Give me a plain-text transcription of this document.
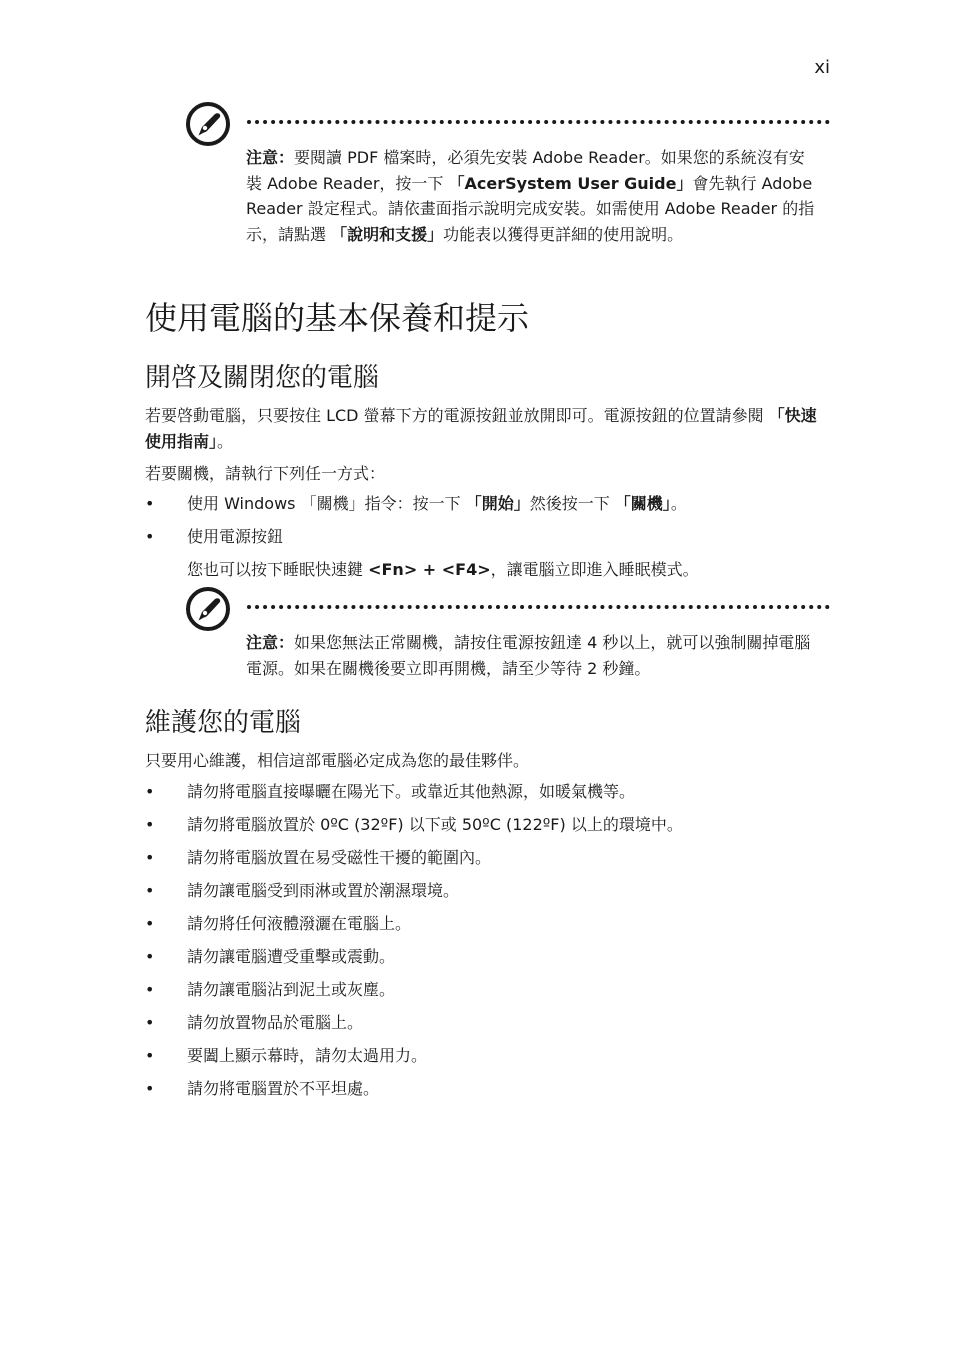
xi

注意：要閱讀 PDF 檔案時，必須先安裝 Adobe Reader。如果您的系統沒有安裝 Adobe Reader，按一下 「AcerSystem User Guide」會先執行 Adobe Reader 設定程式。請依畫面指示說明完成安裝。如需使用 Adobe Reader 的指示，請點選 「說明和支援」功能表以獲得更詳細的使用說明。

使用電腦的基本保養和提示
開啓及關閉您的電腦

若要啓動電腦，只要按住 LCD 螢幕下方的電源按鈕並放開即可。電源按鈕的位置請參閱 「快速使用指南」。

若要關機，請執行下列任一方式：

• 使用 Windows 「關機」指令：按一下 「開始」然後按一下 「關機」。
• 使用電源按鈕

您也可以按下睡眠快速鍵 <Fn> + <F4>，讓電腦立即進入睡眠模式。

注意：如果您無法正常關機，請按住電源按鈕達 4 秒以上，就可以強制關掉電腦電源。如果在關機後要立即再開機，請至少等待 2 秒鐘。

維護您的電腦

只要用心維護，相信這部電腦必定成為您的最佳夥伴。

• 請勿將電腦直接曝曬在陽光下。或靠近其他熱源，如暖氣機等。
• 請勿將電腦放置於 0ºC (32ºF) 以下或 50ºC (122ºF) 以上的環境中。
• 請勿將電腦放置在易受磁性干擾的範圍內。
• 請勿讓電腦受到雨淋或置於潮濕環境。
• 請勿將任何液體潑灑在電腦上。
• 請勿讓電腦遭受重擊或震動。
• 請勿讓電腦沾到泥土或灰塵。
• 請勿放置物品於電腦上。
• 要闔上顯示幕時，請勿太過用力。
• 請勿將電腦置於不平坦處。
